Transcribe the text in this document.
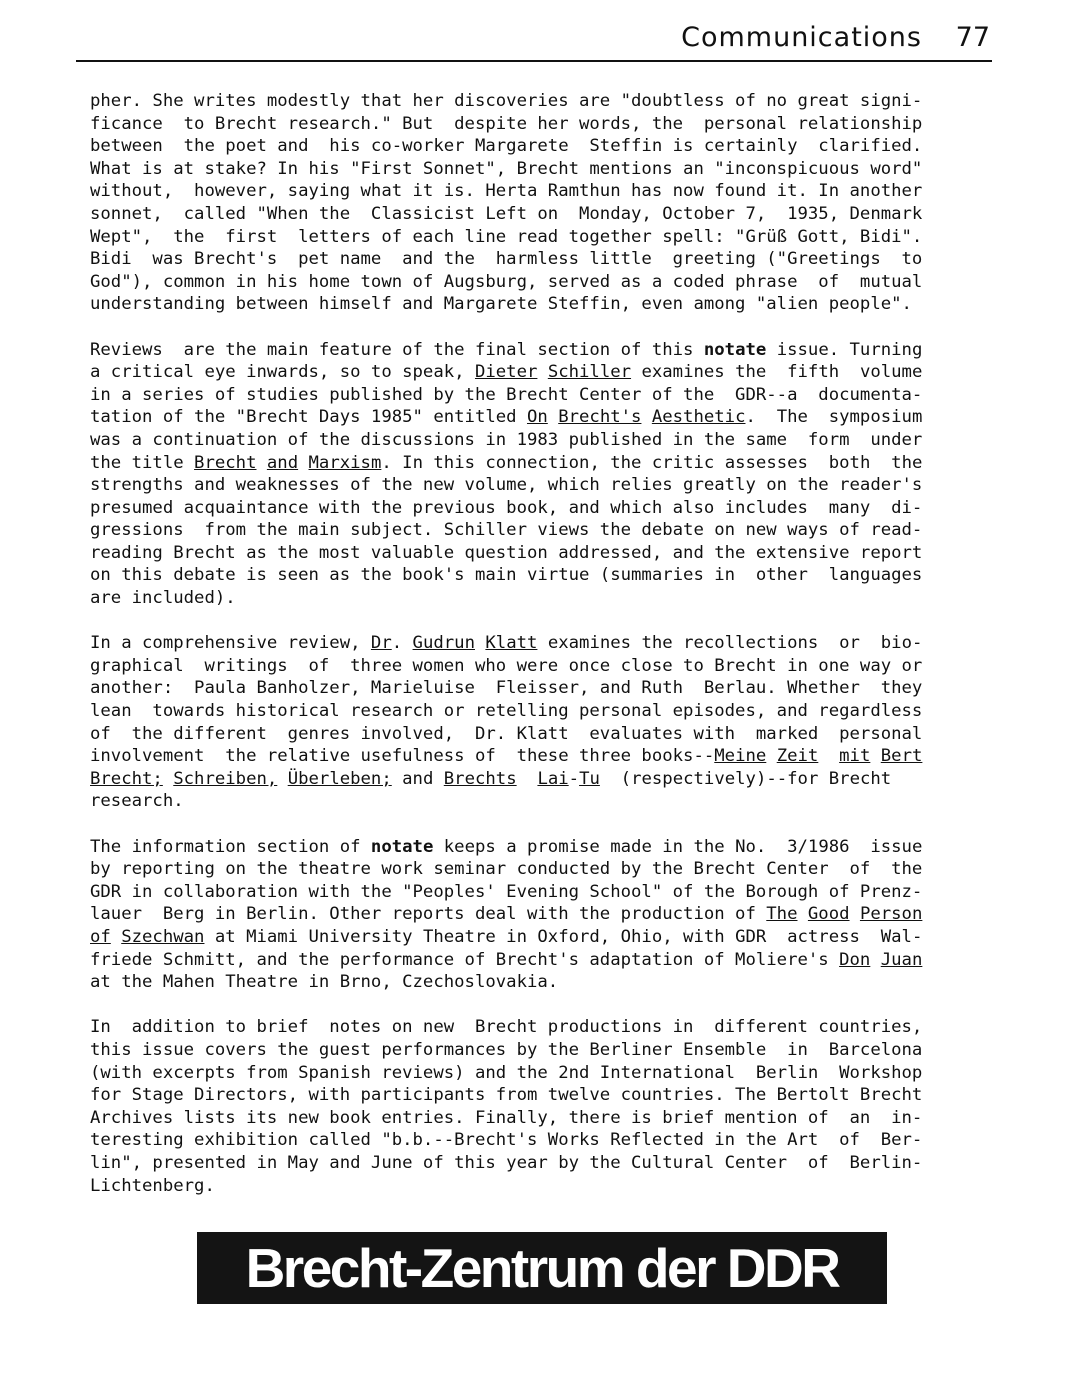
Communications 77
pher. She writes modestly that her discoveries are "doubtless of no great signi-
ficance  to Brecht research." But  despite her words, the  personal relationship
between  the poet and  his co-worker Margarete  Steffin is certainly  clarified.
What is at stake? In his "First Sonnet", Brecht mentions an "inconspicuous word"
without,  however, saying what it is. Herta Ramthun has now found it. In another
sonnet,  called "When the  Classicist Left on  Monday, October 7,  1935, Denmark
Wept",  the  first  letters of each line read together spell: "Grüß Gott, Bidi".
Bidi  was Brecht's  pet name  and the  harmless little  greeting ("Greetings  to
God"), common in his home town of Augsburg, served as a coded phrase  of  mutual
understanding between himself and Margarete Steffin, even among "alien people".
Reviews  are the main feature of the final section of this notate issue. Turning
a critical eye inwards, so to speak, Dieter Schiller examines the  fifth  volume
in a series of studies published by the Brecht Center of the  GDR--a  documenta-
tation of the "Brecht Days 1985" entitled On Brecht's Aesthetic.  The  symposium
was a continuation of the discussions in 1983 published in the same  form  under
the title Brecht and Marxism. In this connection, the critic assesses  both  the
strengths and weaknesses of the new volume, which relies greatly on the reader's
presumed acquaintance with the previous book, and which also includes  many  di-
gressions  from the main subject. Schiller views the debate on new ways of read-
reading Brecht as the most valuable question addressed, and the extensive report
on this debate is seen as the book's main virtue (summaries in  other  languages
are included).
In a comprehensive review, Dr. Gudrun Klatt examines the recollections  or  bio-
graphical  writings  of  three women who were once close to Brecht in one way or
another:  Paula Banholzer, Marieluise  Fleisser, and Ruth  Berlau. Whether  they
lean  towards historical research or retelling personal episodes, and regardless
of  the different  genres involved,  Dr. Klatt  evaluates with  marked  personal
involvement  the relative usefulness of  these three books--Meine Zeit mit Bert
Brecht; Schreiben, Überleben; and Brechts Lai-Tu  (respectively)--for Brecht
research.
The information section of notate keeps a promise made in the No.  3/1986  issue
by reporting on the theatre work seminar conducted by the Brecht Center  of  the
GDR in collaboration with the "Peoples' Evening School" of the Borough of Prenz-
lauer  Berg in Berlin. Other reports deal with the production of The Good Person
of Szechwan at Miami University Theatre in Oxford, Ohio, with GDR  actress  Wal-
friede Schmitt, and the performance of Brecht's adaptation of Moliere's Don Juan
at the Mahen Theatre in Brno, Czechoslovakia.
In  addition to brief  notes on new  Brecht productions in  different countries,
this issue covers the guest performances by the Berliner Ensemble  in  Barcelona
(with excerpts from Spanish reviews) and the 2nd International  Berlin  Workshop
for Stage Directors, with participants from twelve countries. The Bertolt Brecht
Archives lists its new book entries. Finally, there is brief mention of  an  in-
teresting exhibition called "b.b.--Brecht's Works Reflected in the Art  of  Ber-
lin", presented in May and June of this year by the Cultural Center  of  Berlin-
Lichtenberg.
Brecht-Zentrum der DDR
